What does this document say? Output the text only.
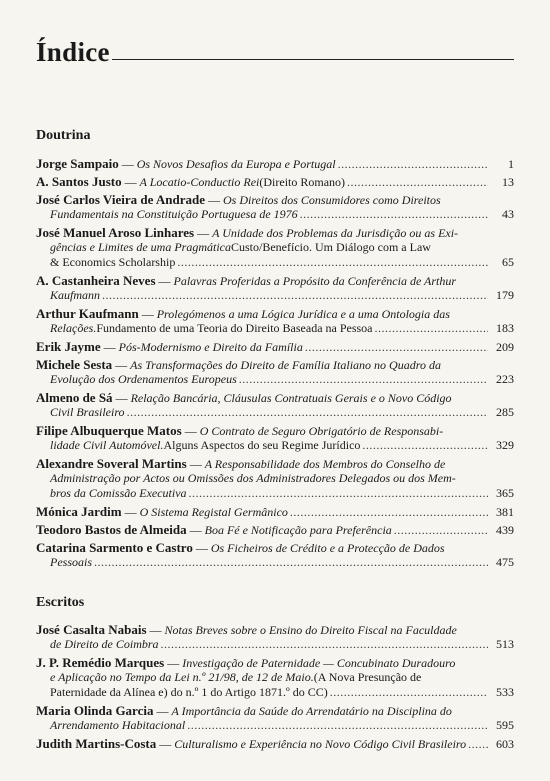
Índice
Doutrina
Jorge Sampaio — Os Novos Desafios da Europa e Portugal .....	1
A. Santos Justo — A Locatio-Conductio Rei (Direito Romano) .....	13
José Carlos Vieira de Andrade — Os Direitos dos Consumidores como Direitos
Fundamentais na Constituição Portuguesa de 1976 .....	43
José Manuel Aroso Linhares — A Unidade dos Problemas da Jurisdição ou as Exi-
gências e Limites de uma Pragmática Custo/Benefício. Um Diálogo com a Law
& Economics Scholarship .....	65
A. Castanheira Neves — Palavras Proferidas a Propósito da Conferência de Arthur
Kaufmann .....	179
Arthur Kaufmann — Prolegómenos a uma Lógica Jurídica e a uma Ontologia das
Relações. Fundamento de uma Teoria do Direito Baseada na Pessoa .....	183
Erik Jayme — Pós-Modernismo e Direito da Família .....	209
Michele Sesta — As Transformações do Direito de Família Italiano no Quadro da
Evolução dos Ordenamentos Europeus .....	223
Almeno de Sá — Relação Bancária, Cláusulas Contratuais Gerais e o Novo Código
Civil Brasileiro .....	285
Filipe Albuquerque Matos — O Contrato de Seguro Obrigatório de Responsabi-
lidade Civil Automóvel. Alguns Aspectos do seu Regime Jurídico .....	329
Alexandre Soveral Martins — A Responsabilidade dos Membros do Conselho de
Administração por Actos ou Omissões dos Administradores Delegados ou dos Mem-
bros da Comissão Executiva .....	365
Mónica Jardim — O Sistema Registal Germânico .....	381
Teodoro Bastos de Almeida — Boa Fé e Notificação para Preferência .....	439
Catarina Sarmento e Castro — Os Ficheiros de Crédito e a Protecção de Dados
Pessoais .....	475
Escritos
José Casalta Nabais — Notas Breves sobre o Ensino do Direito Fiscal na Faculdade
de Direito de Coimbra .....	513
J. P. Remédio Marques — Investigação de Paternidade — Concubinato Duradouro
e Aplicação no Tempo da Lei n.º 21/98, de 12 de Maio. (A Nova Presunção de
Paternidade da Alínea e) do n.º 1 do Artigo 1871.º do CC) .....	533
Maria Olinda Garcia — A Importância da Saúde do Arrendatário na Disciplina do
Arrendamento Habitacional .....	595
Judith Martins-Costa — Culturalismo e Experiência no Novo Código Civil Brasileiro .....	603
